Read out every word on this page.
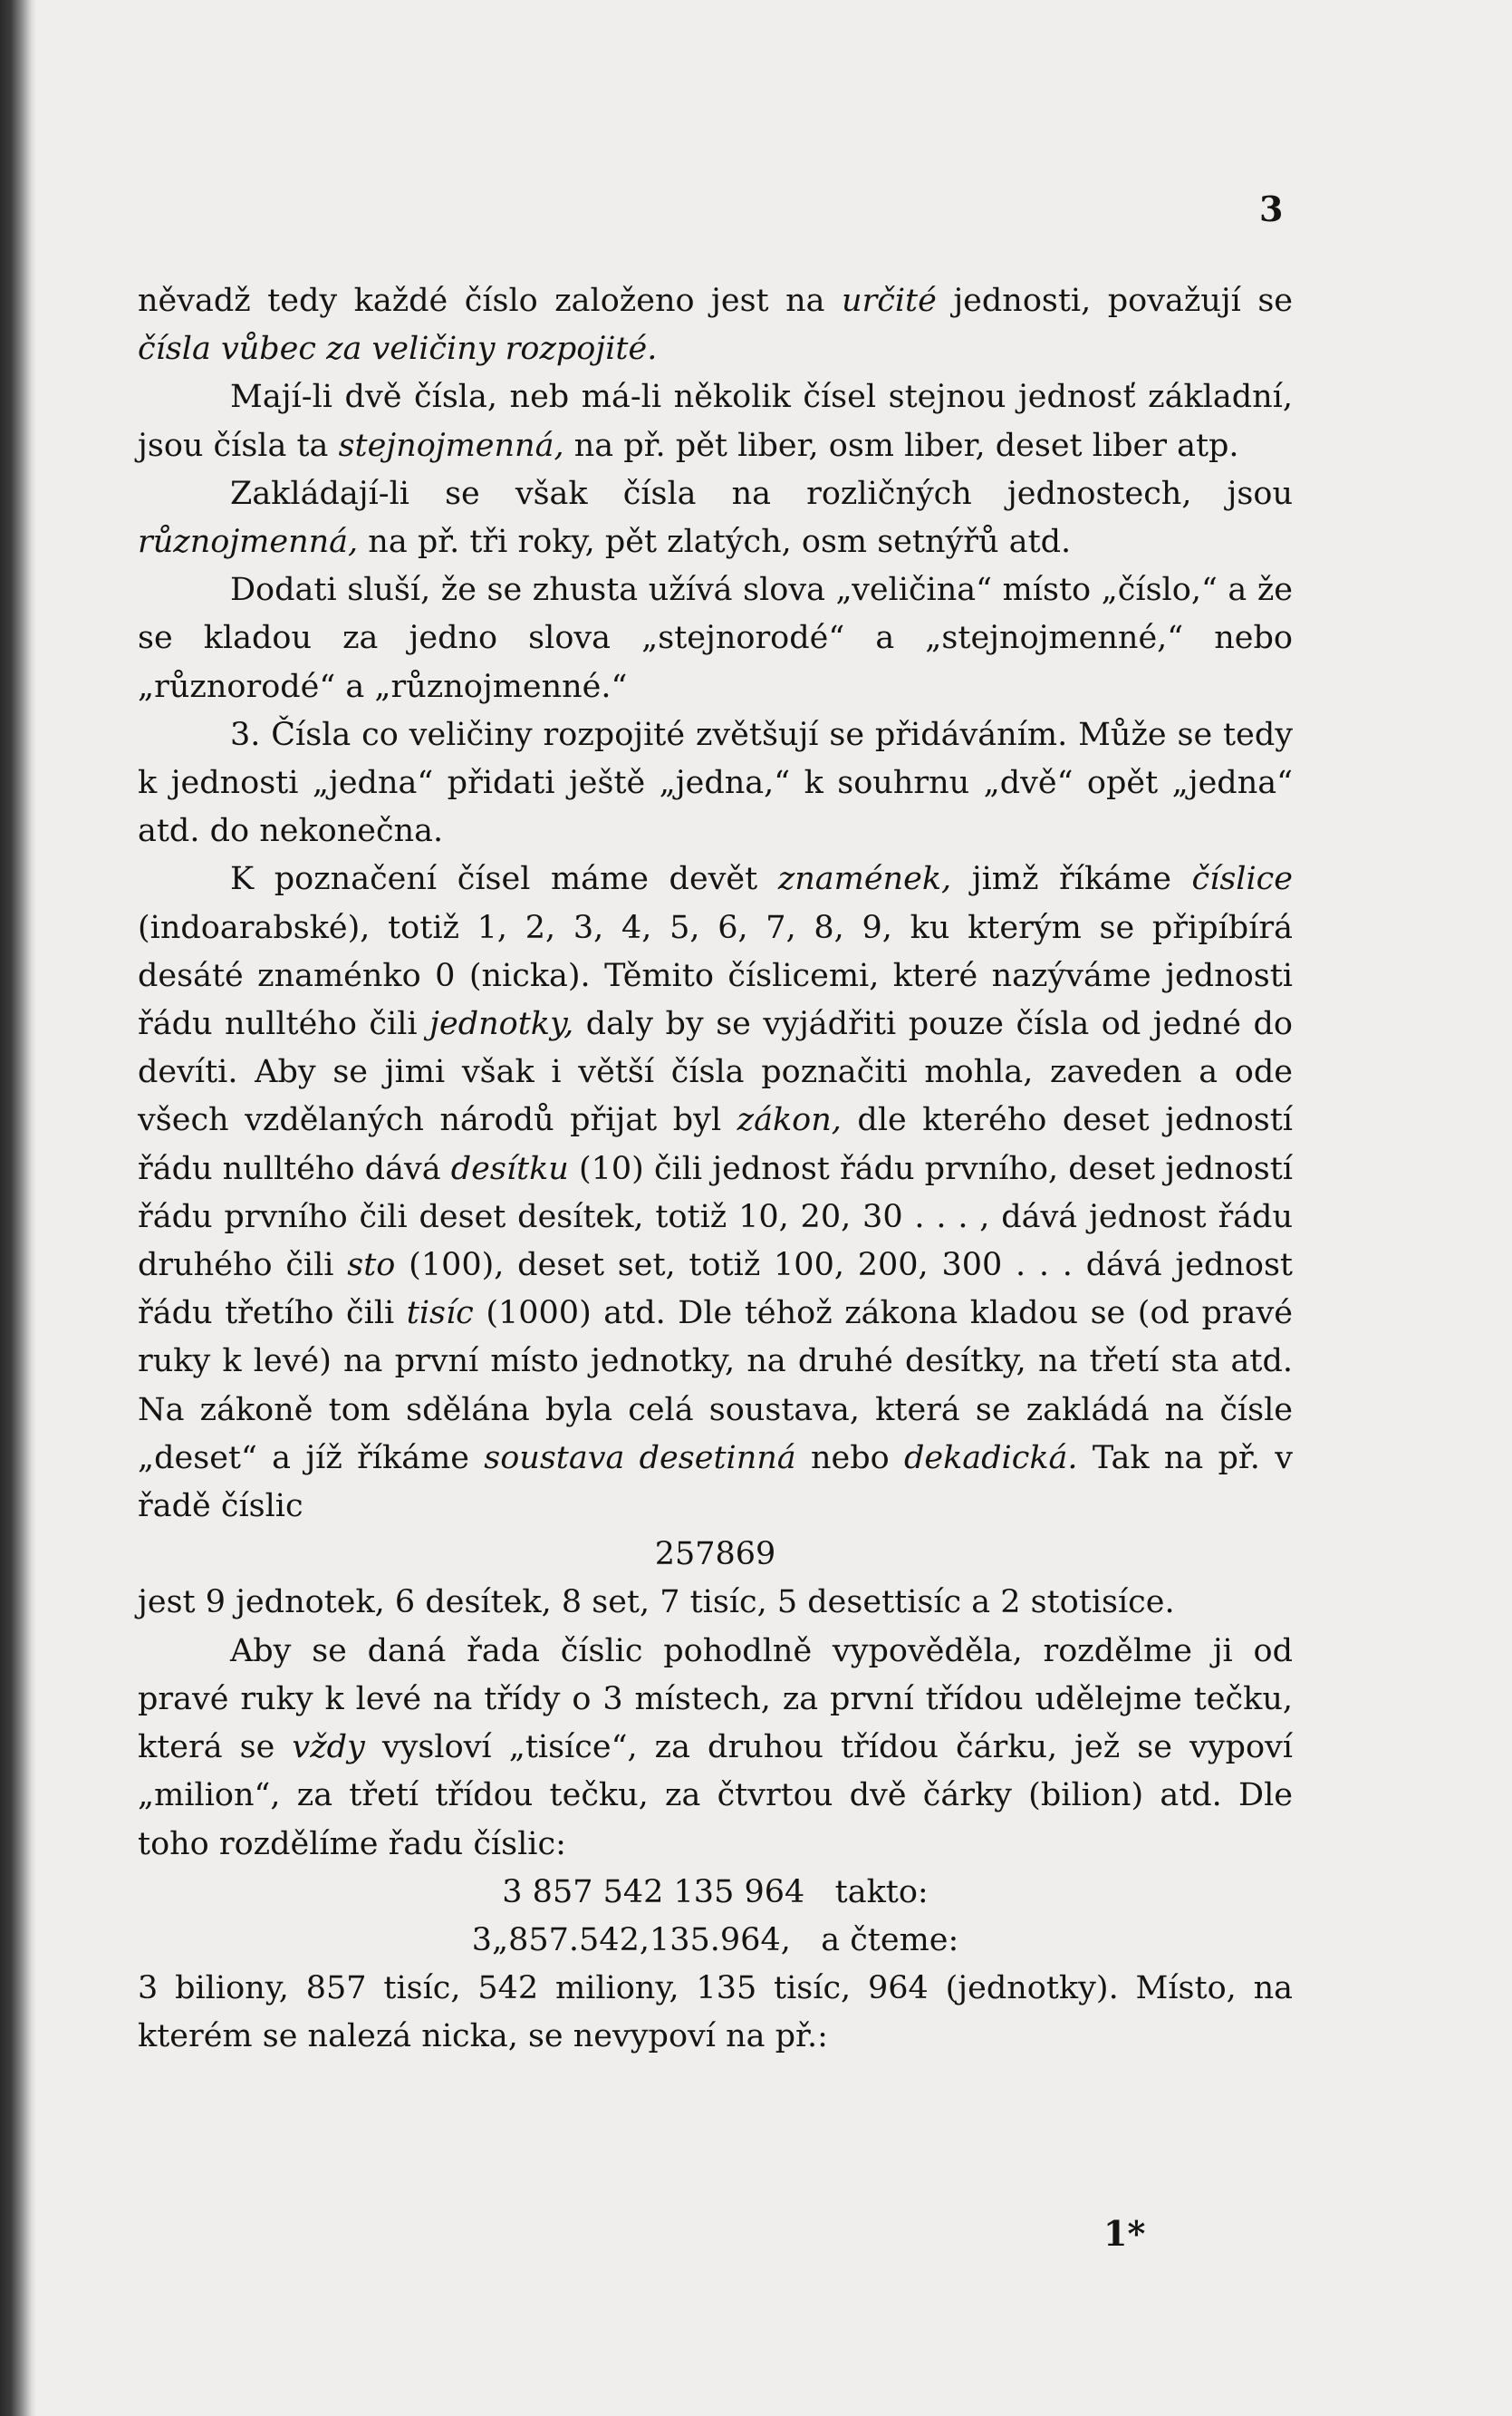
3

něvadž tedy každé číslo založeno jest na určité jednosti, považují se čísla vůbec za veličiny rozpojité.

Mají-li dvě čísla, neb má-li několik čísel stejnou jednosť základní, jsou čísla ta stejnojmenná, na př. pět liber, osm liber, deset liber atp.

Zakládají-li se však čísla na rozličných jednostech, jsou různojmenná, na př. tři roky, pět zlatých, osm setnýřů atd.

Dodati sluší, že se zhusta užívá slova „veličina“ místo „číslo,“ a že se kladou za jedno slova „stejnorodé“ a „stejnojmenné,“ nebo „různorodé“ a „různojmenné.“

3. Čísla co veličiny rozpojité zvětšují se přidáváním. Může se tedy k jednosti „jedna“ přidati ještě „jedna,“ k souhrnu „dvě“ opět „jedna“ atd. do nekonečna.

K poznačení čísel máme devět znamének, jimž říkáme číslice (indoarabské), totiž 1, 2, 3, 4, 5, 6, 7, 8, 9, ku kterým se připíbírá desáté znaménko 0 (nicka). Těmito číslicemi, které nazýváme jednosti řádu nulltého čili jednotky, daly by se vyjádřiti pouze čísla od jedné do devíti. Aby se jimi však i větší čísla poznačiti mohla, zaveden a ode všech vzdělaných národů přijat byl zákon, dle kterého deset jedností řádu nulltého dává desítku (10) čili jednost řádu prvního, deset jedností řádu prvního čili deset desítek, totiž 10, 20, 30 . . . , dává jednost řádu druhého čili sto (100), deset set, totiž 100, 200, 300 . . . dává jednost řádu třetího čili tisíc (1000) atd. Dle téhož zákona kladou se (od pravé ruky k levé) na první místo jednotky, na druhé desítky, na třetí sta atd. Na zákoně tom sdělána byla celá soustava, která se zakládá na čísle „deset“ a jíž říkáme soustava desetinná nebo dekadická. Tak na př. v řadě číslic

257869

jest 9 jednotek, 6 desítek, 8 set, 7 tisíc, 5 desettisíc a 2 stotisíce.

Aby se daná řada číslic pohodlně vypověděla, rozdělme ji od pravé ruky k levé na třídy o 3 místech, za první třídou udělejme tečku, která se vždy vysloví „tisíce“, za druhou třídou čárku, jež se vypoví „milion“, za třetí třídou tečku, za čtvrtou dvě čárky (bilion) atd. Dle toho rozdělíme řadu číslic:

3 857 542 135 964   takto:

3„857.542,135.964,   a čteme:

3 biliony, 857 tisíc, 542 miliony, 135 tisíc, 964 (jednotky). Místo, na kterém se nalezá nicka, se nevypoví na př.:

1*
